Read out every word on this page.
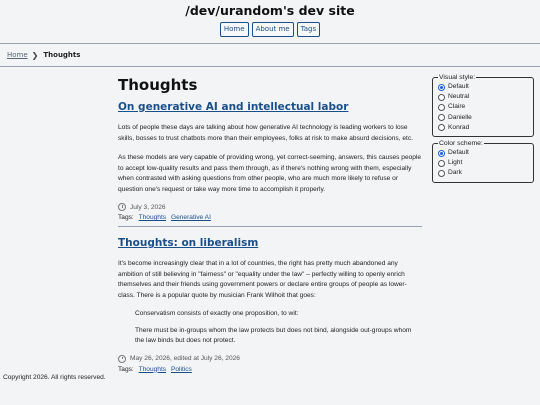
/dev/urandom's dev site
Home	About me	Tags
Home ❯ Thoughts
Thoughts
On generative AI and intellectual labor

Lots of people these days are talking about how generative AI technology is leading workers to lose skills, bosses to trust chatbots more than their employees, folks at risk to make absurd decisions, etc.

As these models are very capable of providing wrong, yet correct-seeming, answers, this causes people to accept low-quality results and pass them through, as if there's nothing wrong with them, especially when contrasted with asking questions from other people, who are much more likely to refuse or question one's request or take way more time to accomplish it properly.

July 3, 2026
Tags: Thoughts Generative AI
Thoughts: on liberalism

It's become increasingly clear that in a lot of countries, the right has pretty much abandoned any ambition of still believing in "fairness" or "equality under the law" – perfectly willing to openly enrich themselves and their friends using government powers or declare entire groups of people as lower-class. There is a popular quote by musician Frank Wilhoit that goes:

Conservatism consists of exactly one proposition, to wit:

There must be in-groups whom the law protects but does not bind, alongside out-groups whom the law binds but does not protect.

May 26, 2026, edited at July 26, 2026
Tags: Thoughts Politics
Visual style:
Default
Neutral
Claire
Danielle
Konrad
Color scheme:
Default
Light
Dark
Copyright 2026. All rights reserved.
